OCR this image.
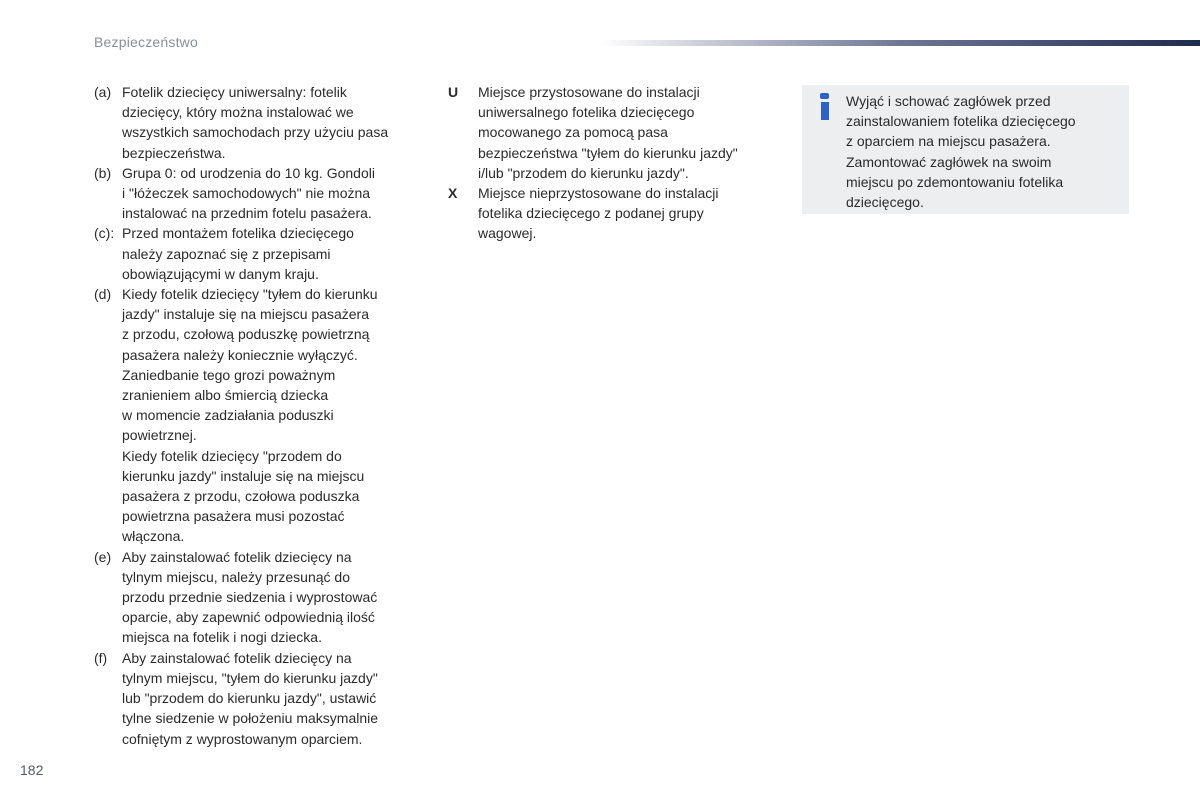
Bezpieczeństwo
(a) Fotelik dziecięcy uniwersalny: fotelik
dziecięcy, który można instalować we
wszystkich samochodach przy użyciu pasa
bezpieczeństwa.
(b) Grupa 0: od urodzenia do 10 kg. Gondoli
i "łóżeczek samochodowych" nie można
instalować na przednim fotelu pasażera.
(c): Przed montażem fotelika dziecięcego
należy zapoznać się z przepisami
obowiązującymi w danym kraju.
(d) Kiedy fotelik dziecięcy "tyłem do kierunku
jazdy" instaluje się na miejscu pasażera
z przodu, czołową poduszkę powietrzną
pasażera należy koniecznie wyłączyć.
Zaniedbanie tego grozi poważnym
zranieniem albo śmiercią dziecka
w momencie zadziałania poduszki
powietrznej.
Kiedy fotelik dziecięcy "przodem do
kierunku jazdy" instaluje się na miejscu
pasażera z przodu, czołowa poduszka
powietrzna pasażera musi pozostać
włączona.
(e) Aby zainstalować fotelik dziecięcy na
tylnym miejscu, należy przesunąć do
przodu przednie siedzenia i wyprostować
oparcie, aby zapewnić odpowiednią ilość
miejsca na fotelik i nogi dziecka.
(f)	Aby zainstalować fotelik dziecięcy na
tylnym miejscu, "tyłem do kierunku jazdy"
lub "przodem do kierunku jazdy", ustawić
tylne siedzenie w położeniu maksymalnie
cofniętym z wyprostowanym oparciem.
U	Miejsce przystosowane do instalacji
uniwersalnego fotelika dziecięcego
mocowanego za pomocą pasa
bezpieczeństwa "tyłem do kierunku jazdy"
i/lub "przodem do kierunku jazdy".
X	Miejsce nieprzystosowane do instalacji
fotelika dziecięcego z podanej grupy
wagowej.
Wyjąć i schować zagłówek przed
zainstalowaniem fotelika dziecięcego
z oparciem na miejscu pasażera.
Zamontować zagłówek na swoim
miejscu po zdemontowaniu fotelika
dziecięcego.
182
